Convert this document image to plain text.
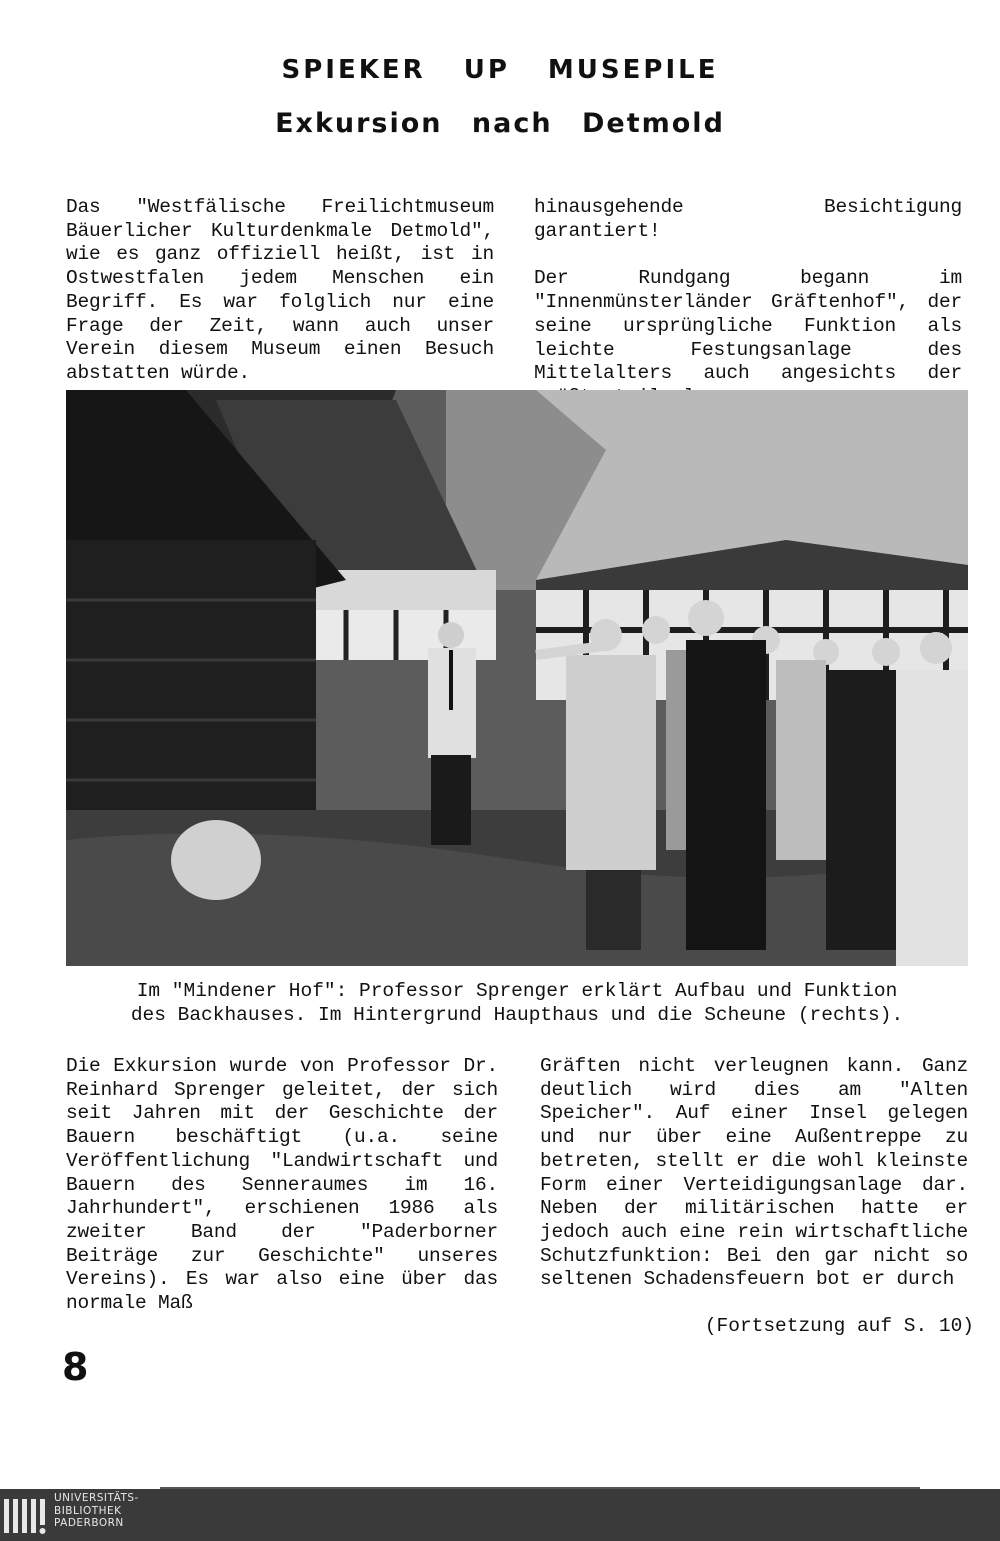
SPIEKER UP MUSEPILE
Exkursion nach Detmold

Das "Westfälische Freilichtmuseum Bäuerlicher Kulturdenkmale Detmold", wie es ganz offiziell heißt, ist in Ostwestfalen jedem Menschen ein Begriff. Es war folglich nur eine Frage der Zeit, wann auch unser Verein diesem Museum einen Besuch abstatten würde.

hinausgehende Besichtigung garantiert!

Der Rundgang begann im "Innenmünsterländer Gräftenhof", der seine ursprüngliche Funktion als leichte Festungsanlage des Mittelalters auch angesichts der

Im "Mindener Hof": Professor Sprenger erklärt Aufbau und Funktion
des Backhauses. Im Hintergrund Haupthaus und die Scheune (rechts).

Die Exkursion wurde von Professor Dr. Reinhard Sprenger geleitet, der sich seit Jahren mit der Geschichte der Bauern beschäftigt (u.a. seine Veröffentlichung "Landwirtschaft und Bauern des Senneraumes im 16. Jahrhundert", erschienen 1986 als zweiter Band der "Paderborner Beiträge zur Geschichte" unseres Vereins). Es war also eine über das normale Maß

Gräften nicht verleugnen kann. Ganz deutlich wird dies am "Alten Speicher". Auf einer Insel gelegen und nur über eine Außentreppe zu betreten, stellt er die wohl kleinste Form einer Verteidigungsanlage dar. Neben der militärischen hatte er jedoch auch eine rein wirtschaftliche Schutzfunktion: Bei den gar nicht so seltenen Schadensfeuern bot er durch

(Fortsetzung auf S. 10)
8
UNIVERSITÄTS-
BIBLIOTHEK
PADERBORN
